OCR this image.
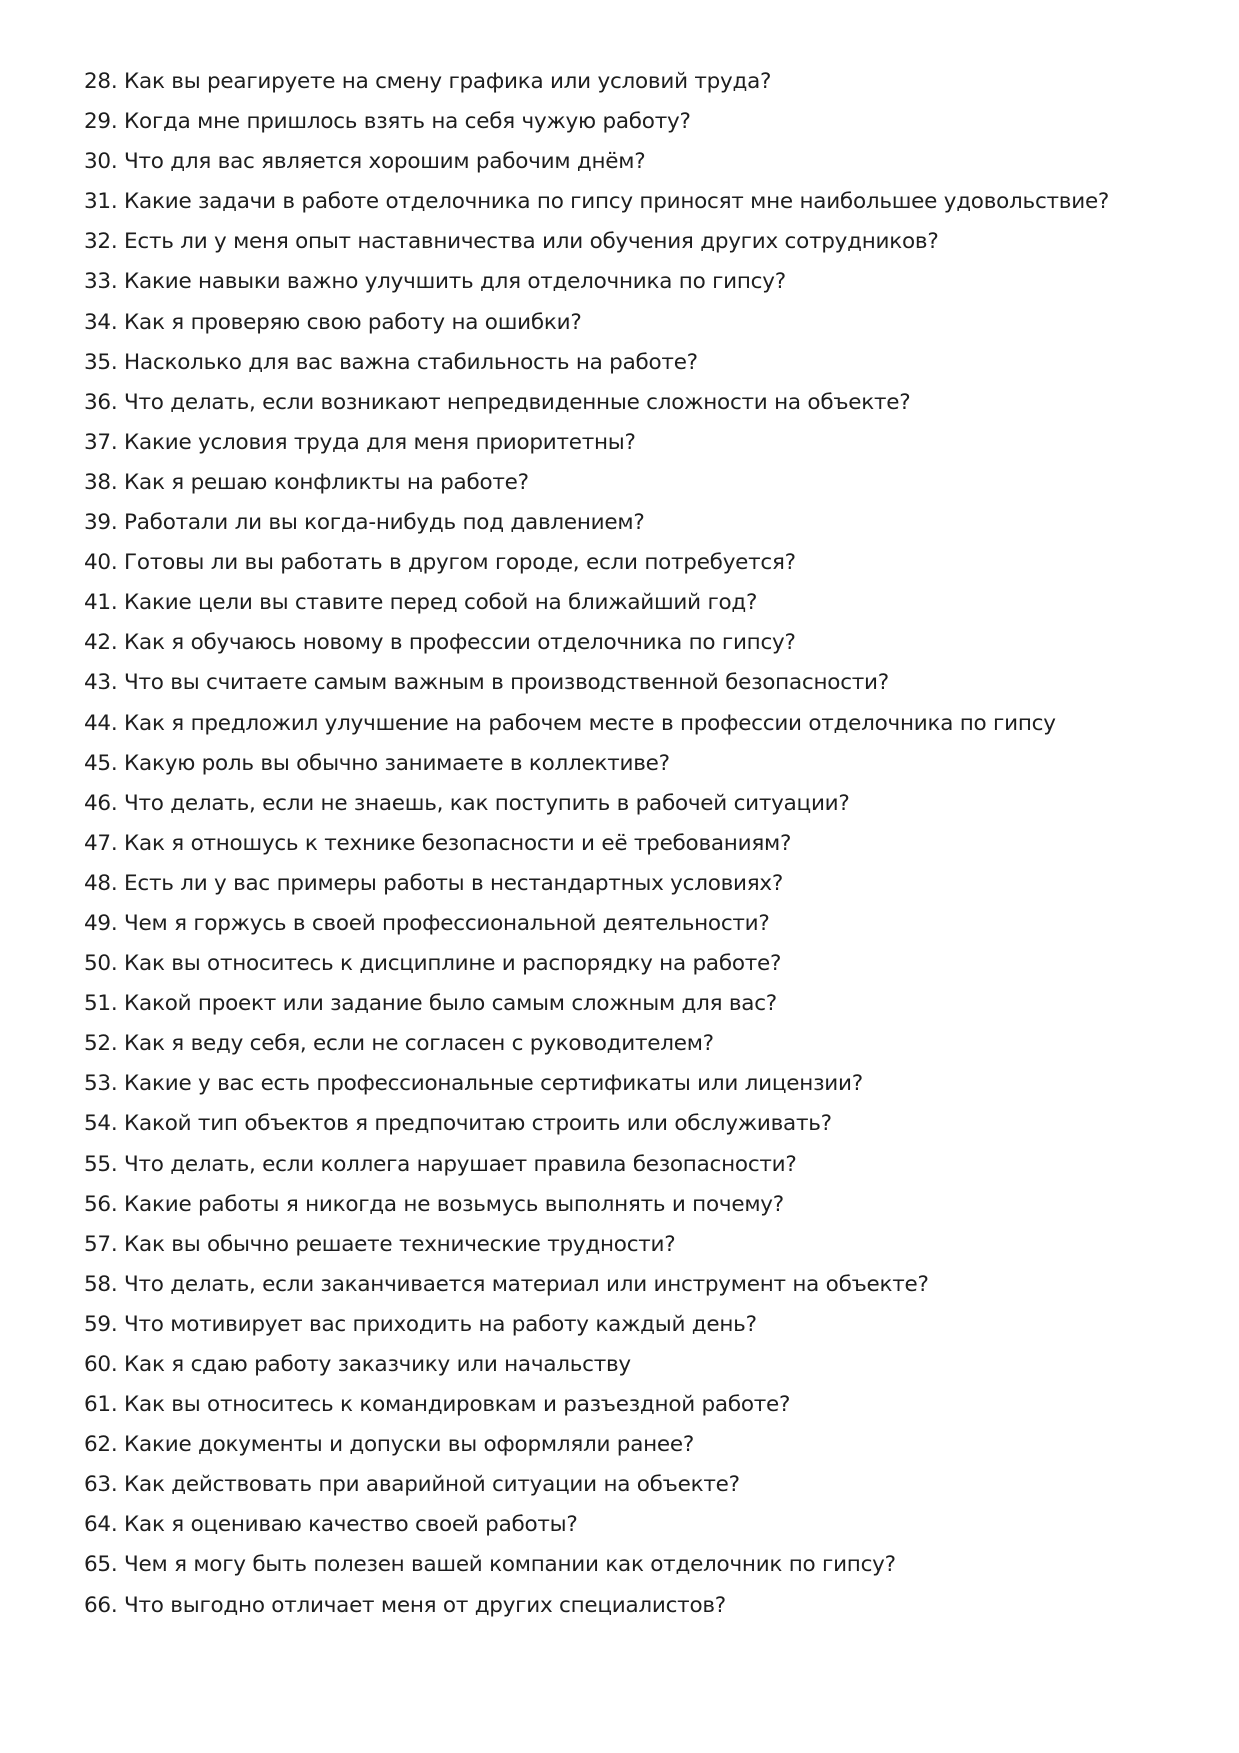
28. Как вы реагируете на смену графика или условий труда?
29. Когда мне пришлось взять на себя чужую работу?
30. Что для вас является хорошим рабочим днём?
31. Какие задачи в работе отделочника по гипсу приносят мне наибольшее удовольствие?
32. Есть ли у меня опыт наставничества или обучения других сотрудников?
33. Какие навыки важно улучшить для отделочника по гипсу?
34. Как я проверяю свою работу на ошибки?
35. Насколько для вас важна стабильность на работе?
36. Что делать, если возникают непредвиденные сложности на объекте?
37. Какие условия труда для меня приоритетны?
38. Как я решаю конфликты на работе?
39. Работали ли вы когда-нибудь под давлением?
40. Готовы ли вы работать в другом городе, если потребуется?
41. Какие цели вы ставите перед собой на ближайший год?
42. Как я обучаюсь новому в профессии отделочника по гипсу?
43. Что вы считаете самым важным в производственной безопасности?
44. Как я предложил улучшение на рабочем месте в профессии отделочника по гипсу
45. Какую роль вы обычно занимаете в коллективе?
46. Что делать, если не знаешь, как поступить в рабочей ситуации?
47. Как я отношусь к технике безопасности и её требованиям?
48. Есть ли у вас примеры работы в нестандартных условиях?
49. Чем я горжусь в своей профессиональной деятельности?
50. Как вы относитесь к дисциплине и распорядку на работе?
51. Какой проект или задание было самым сложным для вас?
52. Как я веду себя, если не согласен с руководителем?
53. Какие у вас есть профессиональные сертификаты или лицензии?
54. Какой тип объектов я предпочитаю строить или обслуживать?
55. Что делать, если коллега нарушает правила безопасности?
56. Какие работы я никогда не возьмусь выполнять и почему?
57. Как вы обычно решаете технические трудности?
58. Что делать, если заканчивается материал или инструмент на объекте?
59. Что мотивирует вас приходить на работу каждый день?
60. Как я сдаю работу заказчику или начальству
61. Как вы относитесь к командировкам и разъездной работе?
62. Какие документы и допуски вы оформляли ранее?
63. Как действовать при аварийной ситуации на объекте?
64. Как я оцениваю качество своей работы?
65. Чем я могу быть полезен вашей компании как отделочник по гипсу?
66. Что выгодно отличает меня от других специалистов?
